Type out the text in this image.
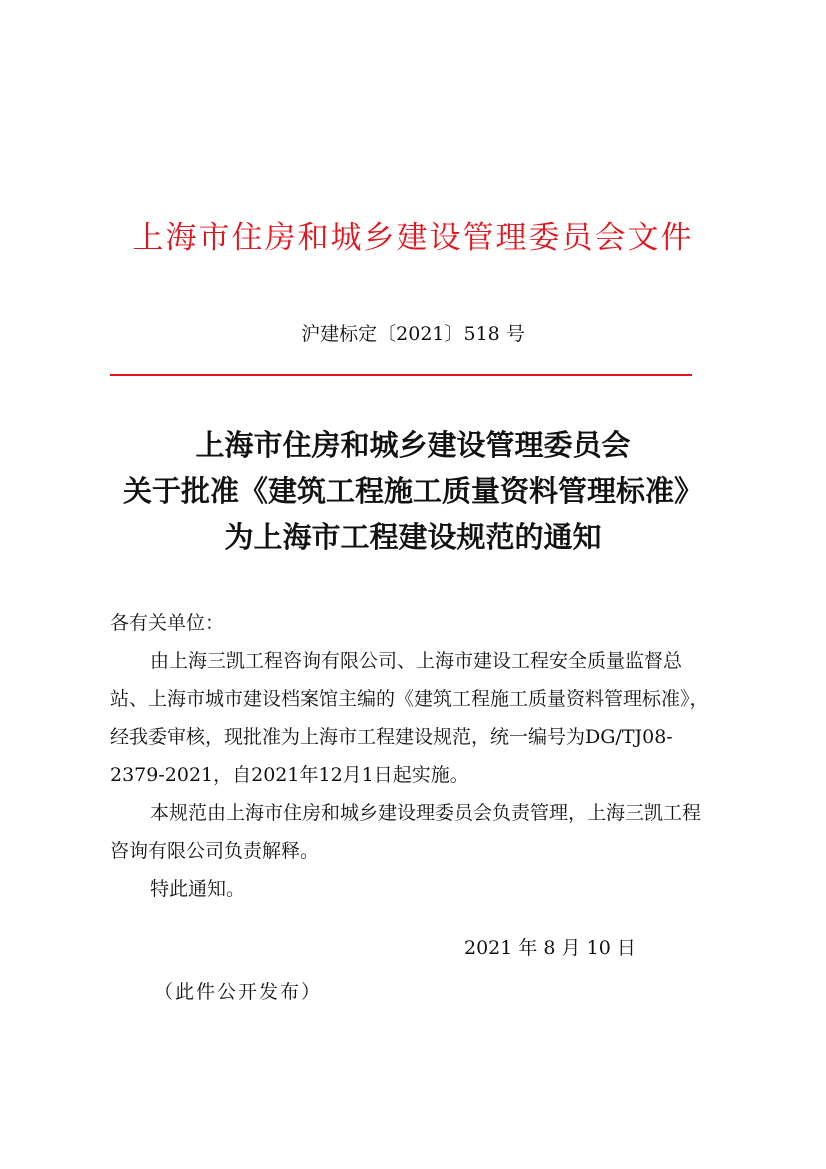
上海市住房和城乡建设管理委员会文件
沪建标定〔2021〕518 号
上海市住房和城乡建设管理委员会
关于批准《建筑工程施工质量资料管理标准》
为上海市工程建设规范的通知

各有关单位：

由上海三凯工程咨询有限公司、上海市建设工程安全质量监督总站、上海市城市建设档案馆主编的《建筑工程施工质量资料管理标准》，经我委审核，现批准为上海市工程建设规范，统一编号为DG/TJ08-2379-2021，自2021年12月1日起实施。

本规范由上海市住房和城乡建设理委员会负责管理，上海三凯工程咨询有限公司负责解释。

特此通知。

2021 年 8 月 10 日
（此件公开发布）
